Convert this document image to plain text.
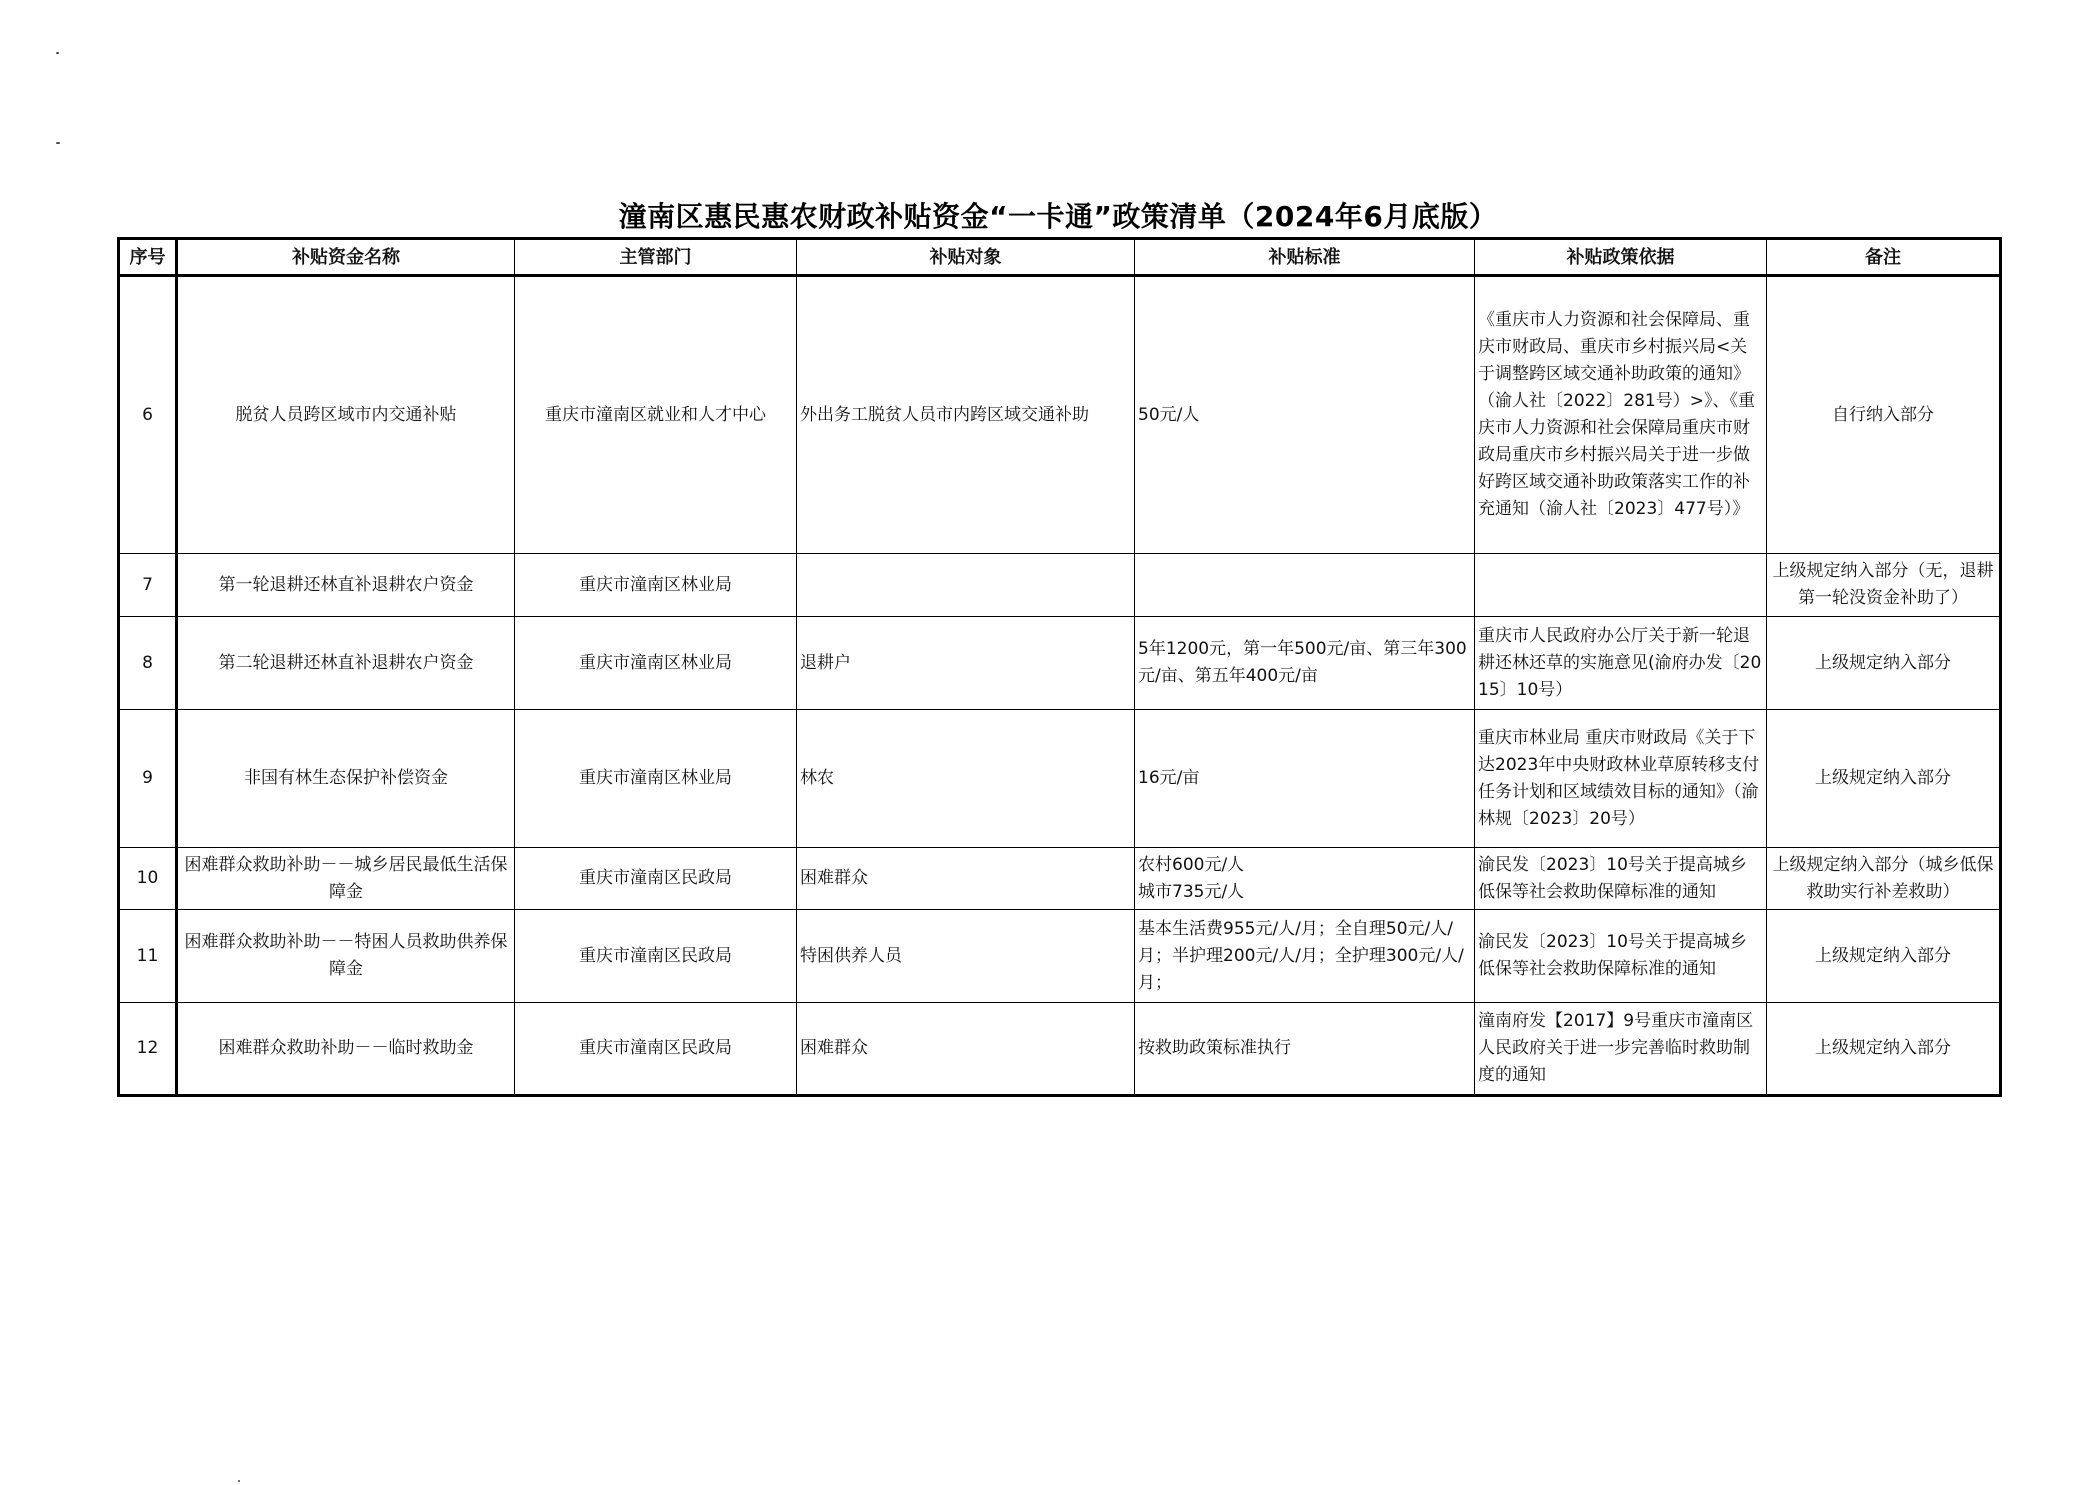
潼南区惠民惠农财政补贴资金“一卡通”政策清单（2024年6月底版）
序号	补贴资金名称	主管部门	补贴对象	补贴标准	补贴政策依据	备注
6	脱贫人员跨区域市内交通补贴	重庆市潼南区就业和人才中心	外出务工脱贫人员市内跨区域交通补助	50元/人	《重庆市人力资源和社会保障局、重庆市财政局、重庆市乡村振兴局<关于调整跨区域交通补助政策的通知》（渝人社〔2022〕281号）>》、《重庆市人力资源和社会保障局重庆市财政局重庆市乡村振兴局关于进一步做好跨区域交通补助政策落实工作的补充通知（渝人社〔2023〕477号）》	自行纳入部分
7	第一轮退耕还林直补退耕农户资金	重庆市潼南区林业局				上级规定纳入部分（无，退耕第一轮没资金补助了）
8	第二轮退耕还林直补退耕农户资金	重庆市潼南区林业局	退耕户	5年1200元，第一年500元/亩、第三年300元/亩、第五年400元/亩	重庆市人民政府办公厅关于新一轮退耕还林还草的实施意见(渝府办发〔2015〕10号）	上级规定纳入部分
9	非国有林生态保护补偿资金	重庆市潼南区林业局	林农	16元/亩	重庆市林业局 重庆市财政局《关于下达2023年中央财政林业草原转移支付任务计划和区域绩效目标的通知》（渝林规〔2023〕20号）	上级规定纳入部分
10	困难群众救助补助－－城乡居民最低生活保障金	重庆市潼南区民政局	困难群众	农村600元/人
城市735元/人	渝民发〔2023〕10号关于提高城乡低保等社会救助保障标准的通知	上级规定纳入部分（城乡低保救助实行补差救助）
11	困难群众救助补助－－特困人员救助供养保障金	重庆市潼南区民政局	特困供养人员	基本生活费955元/人/月；全自理50元/人/月；半护理200元/人/月；全护理300元/人/月；	渝民发〔2023〕10号关于提高城乡低保等社会救助保障标准的通知	上级规定纳入部分
12	困难群众救助补助－－临时救助金	重庆市潼南区民政局	困难群众	按救助政策标准执行	潼南府发【2017】9号重庆市潼南区人民政府关于进一步完善临时救助制度的通知	上级规定纳入部分
